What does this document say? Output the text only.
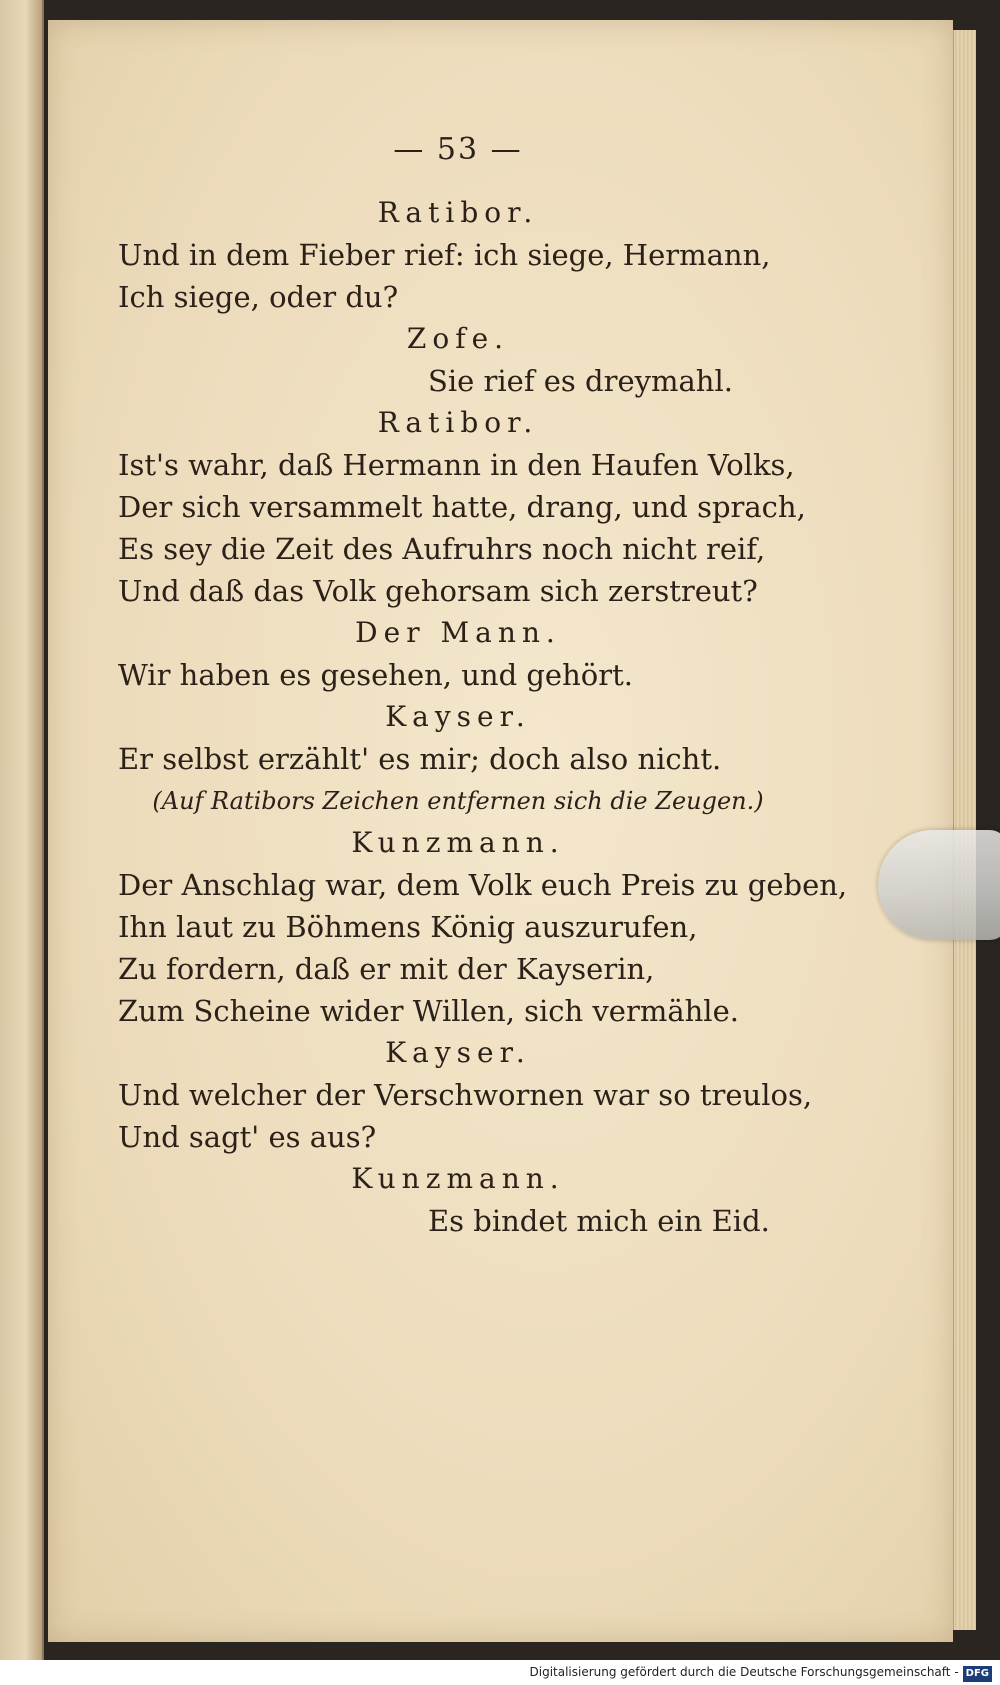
— 53 —
Ratibor.
Und in dem Fieber rief: ich siege, Hermann,
Ich siege, oder du?
Zofe.
Sie rief es dreymahl.
Ratibor.
Ist's wahr, daß Hermann in den Haufen Volks,
Der sich versammelt hatte, drang, und sprach,
Es sey die Zeit des Aufruhrs noch nicht reif,
Und daß das Volk gehorsam sich zerstreut?
Der Mann.
Wir haben es gesehen, und gehört.
Kayser.
Er selbst erzählt' es mir; doch also nicht.
(Auf Ratibors Zeichen entfernen sich die Zeugen.)
Kunzmann.
Der Anschlag war, dem Volk euch Preis zu geben,
Ihn laut zu Böhmens König auszurufen,
Zu fordern, daß er mit der Kayserin,
Zum Scheine wider Willen, sich vermähle.
Kayser.
Und welcher der Verschwornen war so treulos,
Und sagt' es aus?
Kunzmann.
Es bindet mich ein Eid.
Digitalisierung gefördert durch die Deutsche Forschungsgemeinschaft - DFG
